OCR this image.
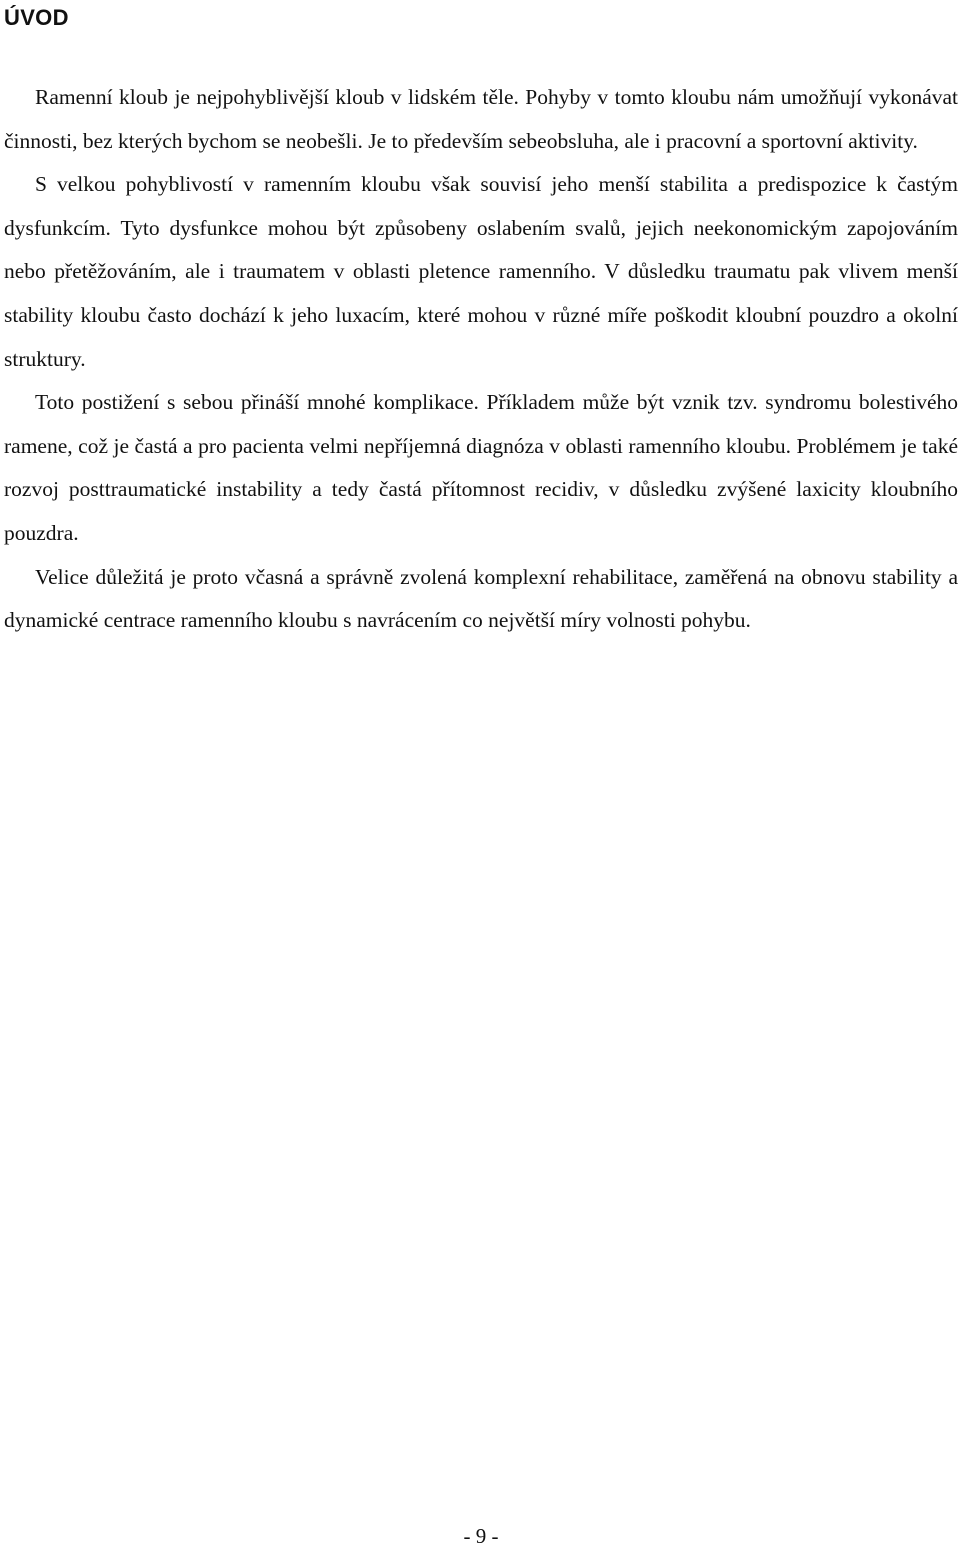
ÚVOD

Ramenní kloub je nejpohyblivější kloub v lidském těle. Pohyby v tomto kloubu nám umožňují vykonávat činnosti, bez kterých bychom se neobešli. Je to především sebeobsluha, ale i pracovní a sportovní aktivity.

S velkou pohyblivostí v ramenním kloubu však souvisí jeho menší stabilita a predispozice k častým dysfunkcím. Tyto dysfunkce mohou být způsobeny oslabením svalů, jejich neekonomickým zapojováním nebo přetěžováním, ale i traumatem v oblasti pletence ramenního. V důsledku traumatu pak vlivem menší stability kloubu často dochází k jeho luxacím, které mohou v různé míře poškodit kloubní pouzdro a okolní struktury.

Toto postižení s sebou přináší mnohé komplikace. Příkladem může být vznik tzv. syndromu bolestivého ramene, což je častá a pro pacienta velmi nepříjemná diagnóza v oblasti ramenního kloubu. Problémem je také rozvoj posttraumatické instability a tedy častá přítomnost recidiv, v důsledku zvýšené laxicity kloubního pouzdra.

Velice důležitá je proto včasná a správně zvolená komplexní rehabilitace, zaměřená na obnovu stability a dynamické centrace ramenního kloubu s navrácením co největší míry volnosti pohybu.

- 9 -
